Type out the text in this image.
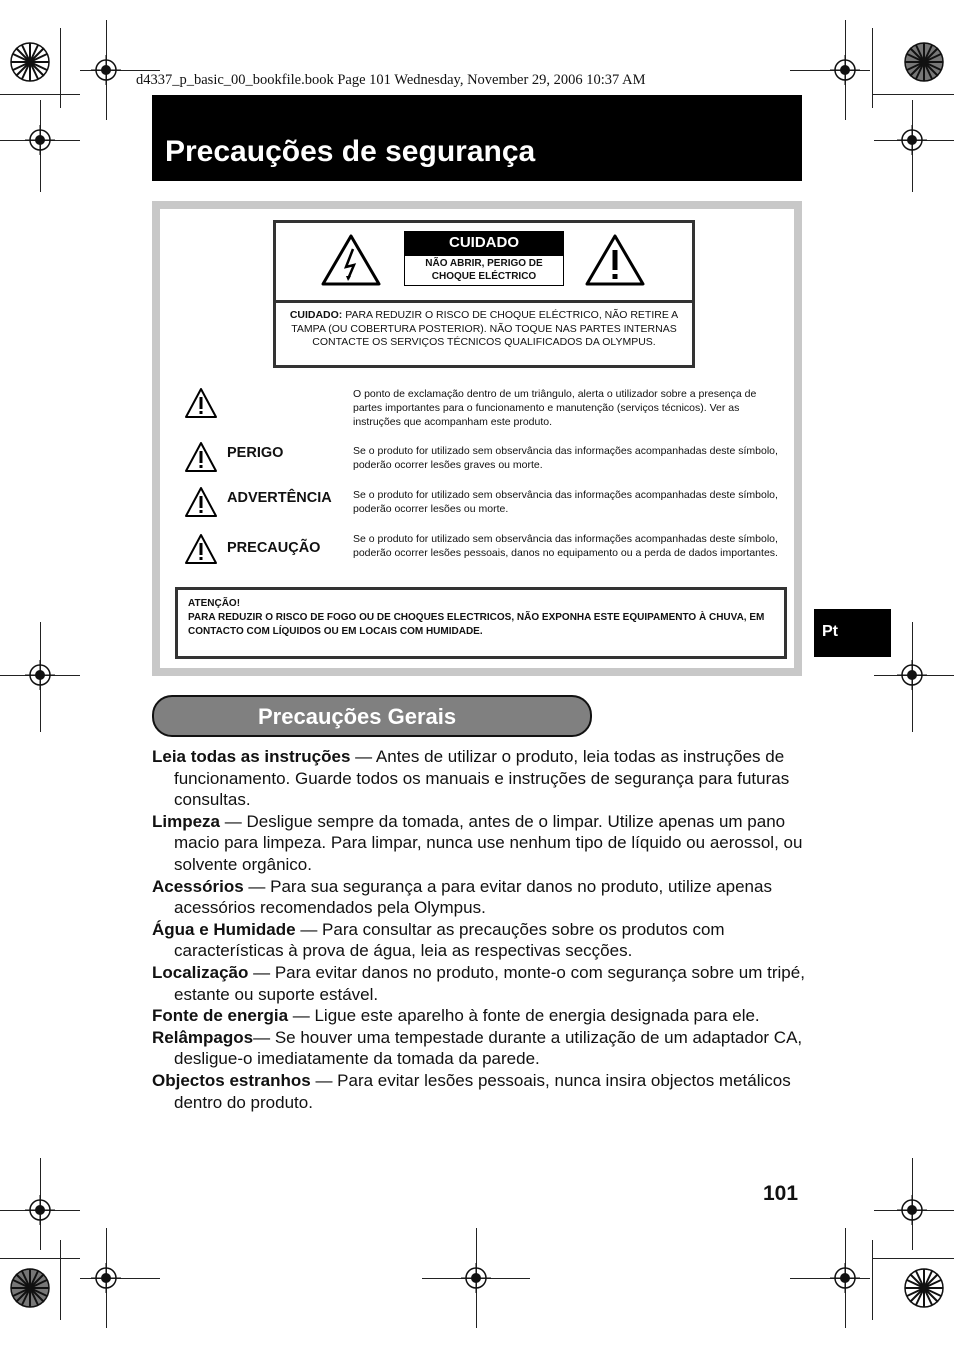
d4337_p_basic_00_bookfile.book Page 101 Wednesday, November 29, 2006 10:37 AM
Precauções de segurança
CUIDADO
NÃO ABRIR, PERIGO DE CHOQUE ELÉCTRICO
CUIDADO: PARA REDUZIR O RISCO DE CHOQUE ELÉCTRICO, NÃO RETIRE A TAMPA (OU COBERTURA POSTERIOR). NÃO TOQUE NAS PARTES INTERNAS CONTACTE OS SERVIÇOS TÉCNICOS QUALIFICADOS DA OLYMPUS.
O ponto de exclamação dentro de um triângulo, alerta o utilizador sobre a presença de partes importantes para o funcionamento e manutenção (serviços técnicos). Ver as instruções que acompanham este produto.
PERIGO	Se o produto for utilizado sem observância das informações acompanhadas deste símbolo, poderão ocorrer lesões graves ou morte.
ADVERTÊNCIA Se o produto for utilizado sem observância das informações acompanhadas deste símbolo, poderão ocorrer lesões ou morte.
PRECAUÇÃO
Se o produto for utilizado sem observância das informações acompanhadas deste símbolo, poderão ocorrer lesões pessoais, danos no equipamento ou a perda de dados importantes.
ATENÇÃO!
PARA REDUZIR O RISCO DE FOGO OU DE CHOQUES ELECTRICOS, NÃO EXPONHA ESTE EQUIPAMENTO À CHUVA, EM CONTACTO COM LÍQUIDOS OU EM LOCAIS COM HUMIDADE.	Pt
Precauções Gerais

Leia todas as instruções — Antes de utilizar o produto, leia todas as instruções de funcionamento. Guarde todos os manuais e instruções de segurança para futuras consultas.

Limpeza — Desligue sempre da tomada, antes de o limpar. Utilize apenas um pano macio para limpeza. Para limpar, nunca use nenhum tipo de líquido ou aerossol, ou solvente orgânico.

Acessórios — Para sua segurança a para evitar danos no produto, utilize apenas acessórios recomendados pela Olympus.

Água e Humidade — Para consultar as precauções sobre os produtos com características à prova de água, leia as respectivas secções.

Localização — Para evitar danos no produto, monte-o com segurança sobre um tripé, estante ou suporte estável.

Fonte de energia — Ligue este aparelho à fonte de energia designada para ele.

Relâmpagos— Se houver uma tempestade durante a utilização de um adaptador CA, desligue-o imediatamente da tomada da parede.

Objectos estranhos — Para evitar lesões pessoais, nunca insira objectos metálicos dentro do produto.

101
